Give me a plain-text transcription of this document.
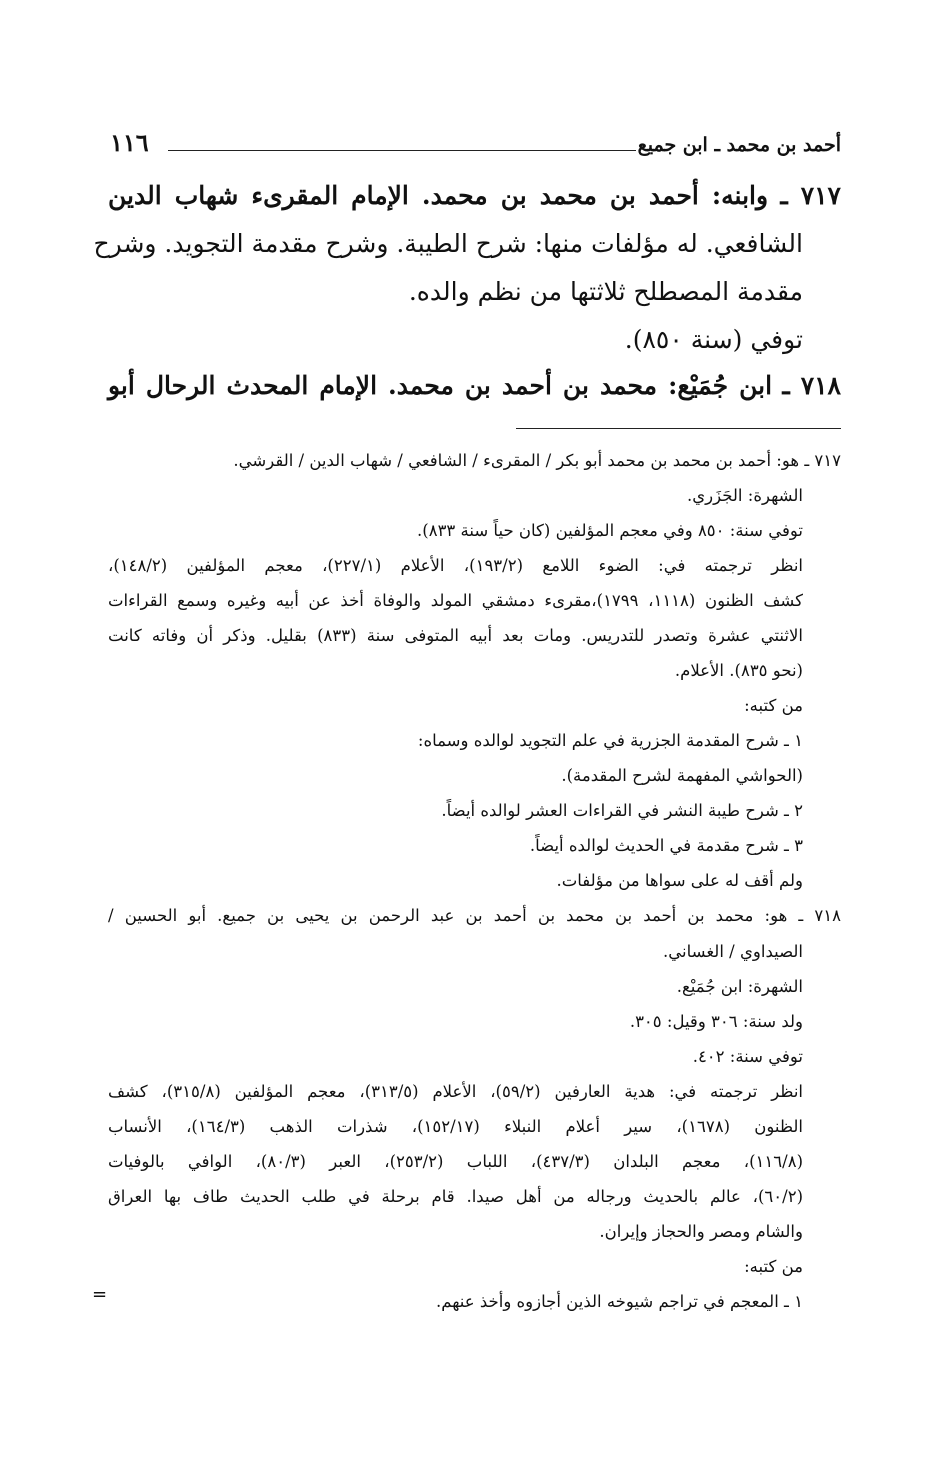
أحمد بن محمد ـ ابن جميع
١١٦
٧١٧ ـ وابنه: أحمد بن محمد بن محمد. الإمام المقرىء شهاب الدين
الشافعي. له مؤلفات منها: شرح الطيبة. وشرح مقدمة التجويد. وشرح
مقدمة المصطلح ثلاثتها من نظم والده.
توفي (سنة ٨٥٠).
٧١٨ ـ ابن جُمَيْع: محمد بن أحمد بن محمد. الإمام المحدث الرحال أبو
٧١٧ ـ هو: أحمد بن محمد بن محمد أبو بكر / المقرىء / الشافعي / شهاب الدين / القرشي.
الشهرة: الجَزَري.
توفي سنة: ٨٥٠ وفي معجم المؤلفين (كان حياً سنة ٨٣٣).
انظر ترجمته في: الضوء اللامع (١٩٣/٢)، الأعلام (٢٢٧/١)، معجم المؤلفين (١٤٨/٢)،
كشف الظنون (١١١٨، ١٧٩٩)،مقرىء دمشقي المولد والوفاة أخذ عن أبيه وغيره وسمع القراءات
الاثنتي عشرة وتصدر للتدريس. ومات بعد أبيه المتوفى سنة (٨٣٣) بقليل. وذكر أن وفاته كانت
(نحو ٨٣٥). الأعلام.
من كتبه:
١ ـ شرح المقدمة الجزرية في علم التجويد لوالده وسماه:
(الحواشي المفهمة لشرح المقدمة).
٢ ـ شرح طيبة النشر في القراءات العشر لوالده أيضاً.
٣ ـ شرح مقدمة في الحديث لوالده أيضاً.
ولم أقف له على سواها من مؤلفات.
٧١٨ ـ هو: محمد بن أحمد بن محمد بن أحمد بن عبد الرحمن بن يحيى بن جميع. أبو الحسين /
الصيداوي / الغساني.
الشهرة: ابن جُمَيْع.
ولد سنة: ٣٠٦ وقيل: ٣٠٥.
توفي سنة: ٤٠٢.
انظر ترجمته في: هدية العارفين (٥٩/٢)، الأعلام (٣١٣/٥)، معجم المؤلفين (٣١٥/٨)، كشف
الظنون (١٦٧٨)، سير أعلام النبلاء (١٥٢/١٧)، شذرات الذهب (١٦٤/٣)، الأنساب
(١١٦/٨)، معجم البلدان (٤٣٧/٣)، اللباب (٢٥٣/٢)، العبر (٨٠/٣)، الوافي بالوفيات
(٦٠/٢)، عالم بالحديث ورجاله من أهل صيدا. قام برحلة في طلب الحديث طاف بها العراق
والشام ومصر والحجاز وإيران.
من كتبه:
١ ـ المعجم في تراجم شيوخه الذين أجازوه وأخذ عنهم.
=
